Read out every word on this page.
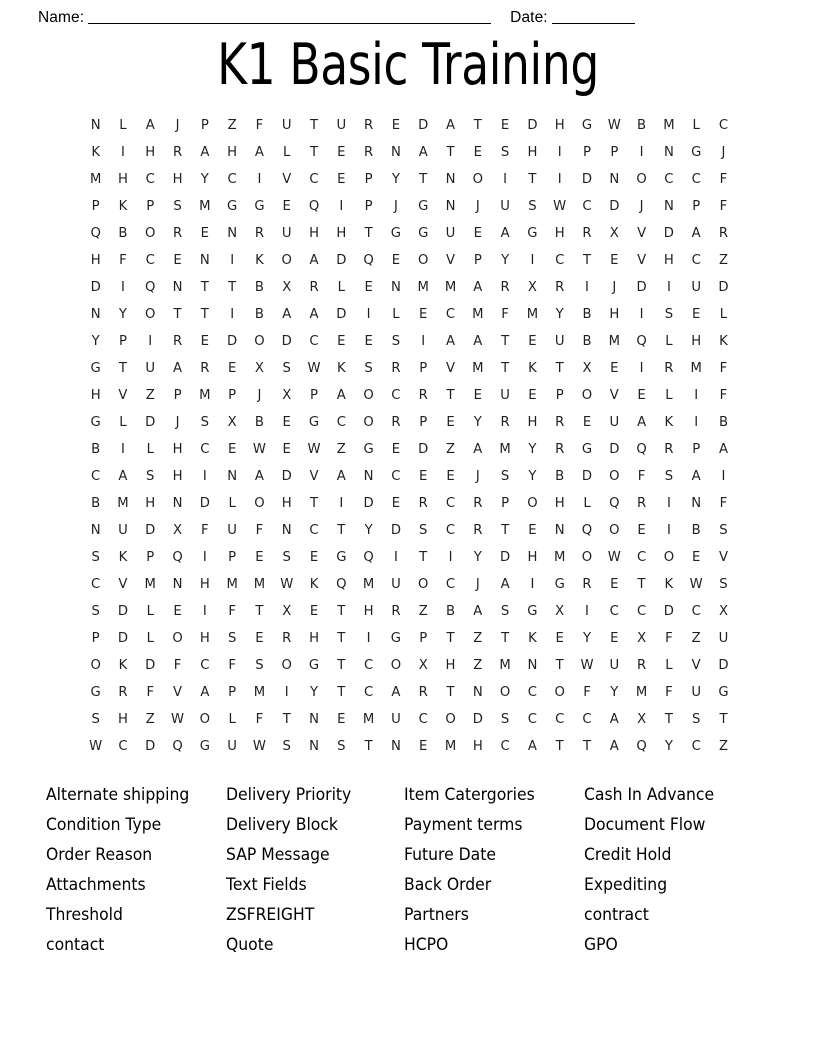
Name:	Date:
K1 Basic Training
N	L	A	J	P	Z	F	U	T	U	R	E	D	A	T	E	D	H	G	W	B	M	L	C
K	I	H	R	A	H	A	L	T	E	R	N	A	T	E	S	H	I	P	P	I	N	G	J
M	H	C	H	Y	C	I	V	C	E	P	Y	T	N	O	I	T	I	D	N	O	C	C	F
P	K	P	S	M	G	G	E	Q	I	P	J	G	N	J	U	S	W	C	D	J	N	P	F
Q	B	O	R	E	N	R	U	H	H	T	G	G	U	E	A	G	H	R	X	V	D	A	R
H	F	C	E	N	I	K	O	A	D	Q	E	O	V	P	Y	I	C	T	E	V	H	C	Z
D	I	Q	N	T	T	B	X	R	L	E	N	M	M	A	R	X	R	I	J	D	I	U	D
N	Y	O	T	T	I	B	A	A	D	I	L	E	C	M	F	M	Y	B	H	I	S	E	L
Y	P	I	R	E	D	O	D	C	E	E	S	I	A	A	T	E	U	B	M	Q	L	H	K
G	T	U	A	R	E	X	S	W	K	S	R	P	V	M	T	K	T	X	E	I	R	M	F
H	V	Z	P	M	P	J	X	P	A	O	C	R	T	E	U	E	P	O	V	E	L	I	F
G	L	D	J	S	X	B	E	G	C	O	R	P	E	Y	R	H	R	E	U	A	K	I	B
B	I	L	H	C	E	W	E	W	Z	G	E	D	Z	A	M	Y	R	G	D	Q	R	P	A
C	A	S	H	I	N	A	D	V	A	N	C	E	E	J	S	Y	B	D	O	F	S	A	I
B	M	H	N	D	L	O	H	T	I	D	E	R	C	R	P	O	H	L	Q	R	I	N	F
N	U	D	X	F	U	F	N	C	T	Y	D	S	C	R	T	E	N	Q	O	E	I	B	S
S	K	P	Q	I	P	E	S	E	G	Q	I	T	I	Y	D	H	M	O	W	C	O	E	V
C	V	M	N	H	M	M	W	K	Q	M	U	O	C	J	A	I	G	R	E	T	K	W	S
S	D	L	E	I	F	T	X	E	T	H	R	Z	B	A	S	G	X	I	C	C	D	C	X
P	D	L	O	H	S	E	R	H	T	I	G	P	T	Z	T	K	E	Y	E	X	F	Z	U
O	K	D	F	C	F	S	O	G	T	C	O	X	H	Z	M	N	T	W	U	R	L	V	D
G	R	F	V	A	P	M	I	Y	T	C	A	R	T	N	O	C	O	F	Y	M	F	U	G
S	H	Z	W	O	L	F	T	N	E	M	U	C	O	D	S	C	C	C	A	X	T	S	T
W	C	D	Q	G	U	W	S	N	S	T	N	E	M	H	C	A	T	T	A	Q	Y	C	Z
Alternate shipping	Delivery Priority	Item Catergories	Cash In Advance
Condition Type	Delivery Block	Payment terms	Document Flow
Order Reason	SAP Message	Future Date	Credit Hold
Attachments	Text Fields	Back Order	Expediting
Threshold	ZSFREIGHT	Partners	contract
contact	Quote	HCPO	GPO
